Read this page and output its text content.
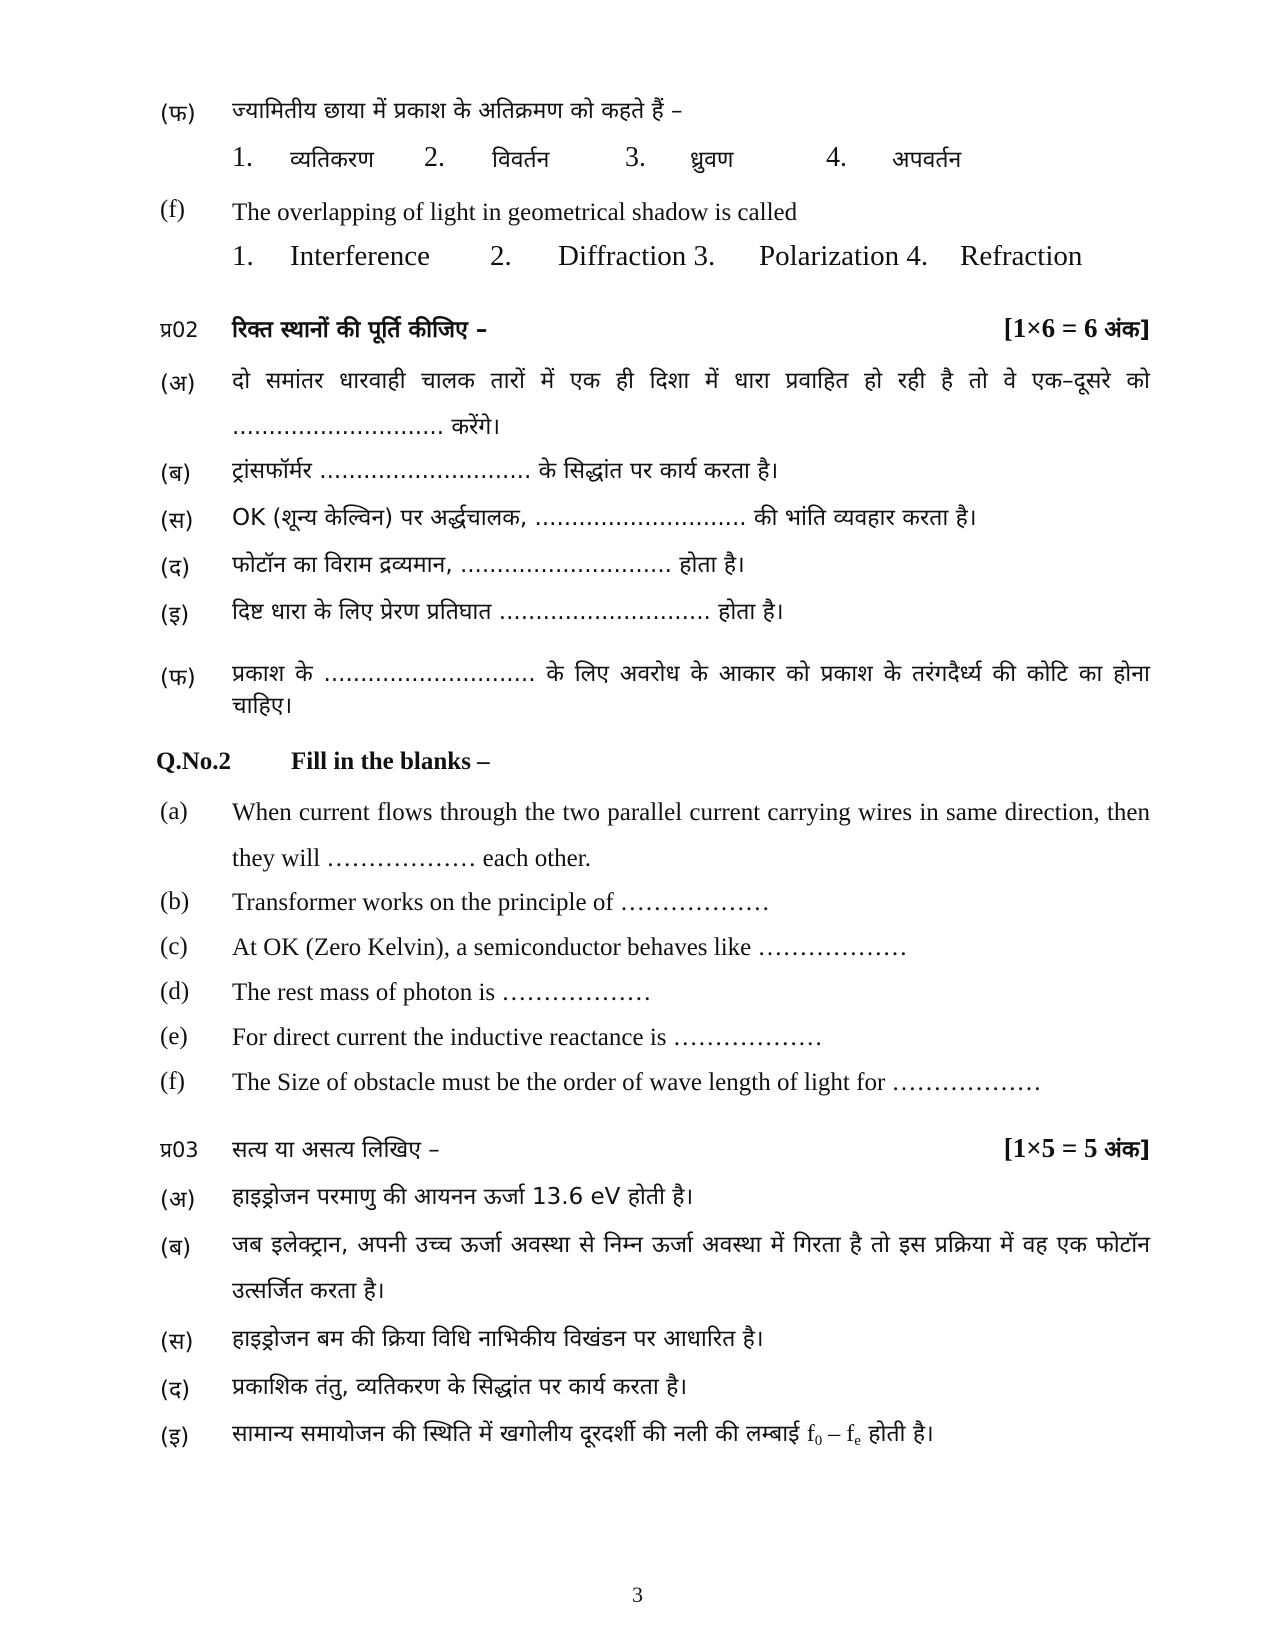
(फ) ज्यामितीय छाया में प्रकाश के अतिक्रमण को कहते हैं –
1. व्यतिकरण 2. विवर्तन	3. ध्रुवण	4. अपवर्तन
(f) The overlapping of light in geometrical shadow is called
1. Interference 2. Diffraction 3. Polarization 4. Refraction
प्र02 रिक्त स्थानों की पूर्ति कीजिए –	[1×6 = 6 अंक]
(अ) दो समांतर धारवाही चालक तारों में एक ही दिशा में धारा प्रवाहित हो रही है तो वे एक–दूसरे को ............................. करेंगे।
(ब) ट्रांसफॉर्मर ............................. के सिद्धांत पर कार्य करता है।
(स) OK (शून्य केल्विन) पर अर्द्धचालक, ............................. की भांति व्यवहार करता है।
(द) फोटॉन का विराम द्रव्यमान, ............................. होता है।
(इ) दिष्ट धारा के लिए प्रेरण प्रतिघात ............................. होता है।
(फ) प्रकाश के ............................. के लिए अवरोध के आकार को प्रकाश के तरंगदैर्ध्य की कोटि का होना चाहिए।
Q.No.2 Fill in the blanks –
(a) When current flows through the two parallel current carrying wires in same direction, then they will ……………… each other.
(b) Transformer works on the principle of ………………
(c) At OK (Zero Kelvin), a semiconductor behaves like ………………
(d) The rest mass of photon is ………………
(e) For direct current the inductive reactance is ………………
(f) The Size of obstacle must be the order of wave length of light for ………………
प्र03 सत्य या असत्य लिखिए –	[1×5 = 5 अंक]
(अ) हाइड्रोजन परमाणु की आयनन ऊर्जा 13.6 eV होती है।
(ब) जब इलेक्ट्रान, अपनी उच्च ऊर्जा अवस्था से निम्न ऊर्जा अवस्था में गिरता है तो इस प्रक्रिया में वह एक फोटॉन उत्सर्जित करता है।
(स) हाइड्रोजन बम की क्रिया विधि नाभिकीय विखंडन पर आधारित है।
(द) प्रकाशिक तंतु, व्यतिकरण के सिद्धांत पर कार्य करता है।
(इ) सामान्य समायोजन की स्थिति में खगोलीय दूरदर्शी की नली की लम्बाई $f_0 - f_e$ होती है।
3
